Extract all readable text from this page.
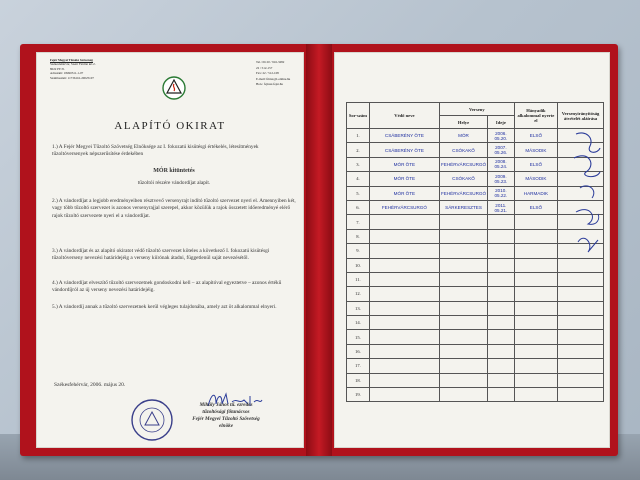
Fejér Megyei Tűzoltó Szövetség
Székesfehérvár, Szent Flórián krt.2.
8022 PF.:8.
Adószám: 18490311-1-07
Számlaszám: 11736116-20025107
Tel.: 06 20 / 916-3282
22 / 512-157
Fax: 22 / 512-108
E-mail: fmtsz@t-online.hu
Hon.: fejtusz.fejer.hu
ALAPÍTÓ OKIRAT
1.) A Fejér Megyei Tűzoltó Szövetség Elnöksége az I. fokozatú kisütésgi értékelés, létesítmények tűzoltóversenyek népszerűsítése érdekében
MÓR kitüntetés
tűzoltói részére vándordíjat alapít.
2.) A vándordíjat a legjobb eredményeiben résztvevő versenyrajt indító tűzoltó szervezet nyeri el. Amennyiben két, vagy több tűzoltó szervezet is azonos versenyrajjal szerepel, akkor közülük a rajok összetett időeredményé elérő rajok tűzoltó szervezete nyeri el a vándordíjat.
3.) A vándordíjat és az alapító okiratot védő tűzoltó szervezet köteles a következő I. fokozatú kisütésgi tűzoltóverseny nevezési határidejéig a verseny kiírónak átadni, függetlenül saját nevezésétől.
4.) A vándordíjat elveszítő tűzoltó szervezetnek gondoskodni kell – az alapítóval egyeztetve – azonos értékű vándordíjról az új verseny nevezési határidejéig.
5.) A vándordíj annak a tűzoltó szervezetnek kerül végleges tulajdonába, amely azt öt alkalommal elnyeri.
Székesfehérvár, 2006. május 20.
Mihály János tű. ezredes
tűzoltósági főtanácsos
Fejér Megyei Tűzoltó Szövetség
elnöke
Sor-szám	Védő neve	Verseny		Hányadik alkalommal nyerte el	Versenyirányítóság átvételét aláírása
		Helye	Ideje		
1.	CSÁBERÉNY ÖTE	MÓR	2006. 05.20.	ELSŐ	
2.	CSÁBERÉNY ÖTE	CSÓKAKŐ	2007. 05.26.	MÁSODIK	
3.	MÓR ÖTE	FEHÉRVÁRCSURGÓ	2008. 05.24.	ELSŐ	
4.	MÓR ÖTE	CSÓKAKŐ	2009. 05.23.	MÁSODIK	
5.	MÓR ÖTE	FEHÉRVÁRCSURGÓ	2010. 05.22.	HARMADIK	
6.	FEHÉRVÁRCSURGÓ	SÁRKERESZTES	2011. 05.21.	ELSŐ	
7.					
8.					
9.					
10.					
11.					
12.					
13.					
14.					
15.					
16.					
17.					
18.					
19.					
